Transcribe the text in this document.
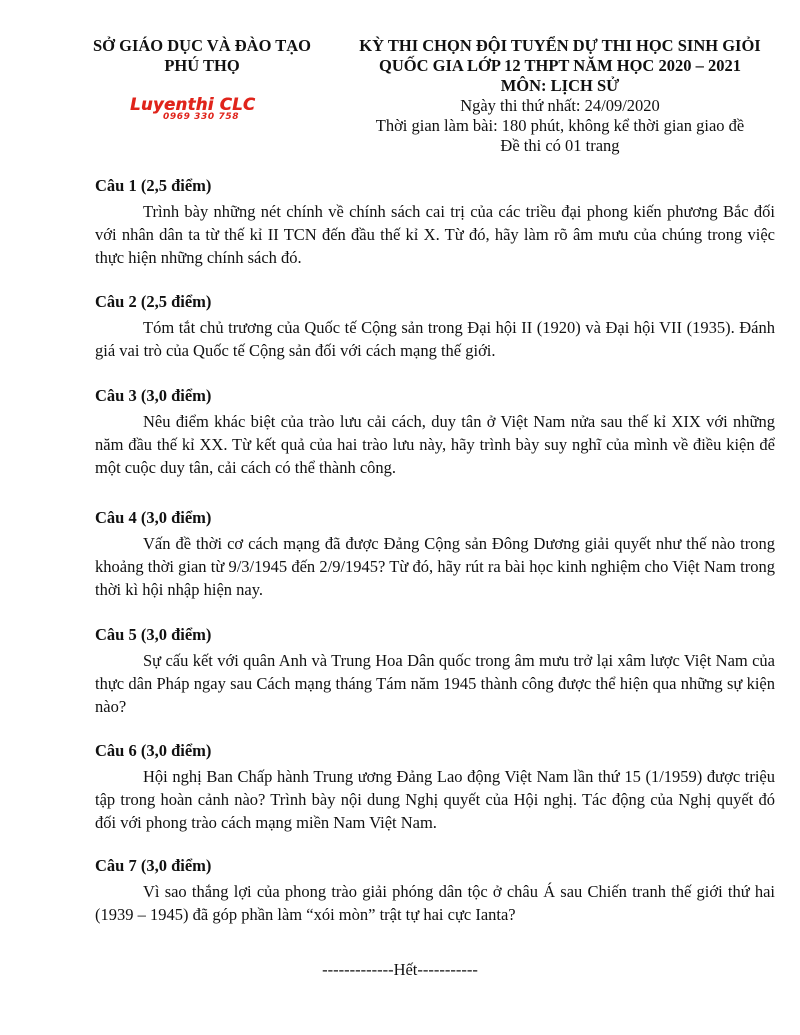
SỞ GIÁO DỤC VÀ ĐÀO TẠO
PHÚ THỌ
Luyenthi CLC
0969 330 758
KỲ THI CHỌN ĐỘI TUYỂN DỰ THI HỌC SINH GIỎI
QUỐC GIA LỚP 12 THPT NĂM HỌC 2020 – 2021
MÔN: LỊCH SỬ
Ngày thi thứ nhất: 24/09/2020
Thời gian làm bài: 180 phút, không kể thời gian giao đề
Đề thi có 01 trang
Câu 1 (2,5 điểm)
Trình bày những nét chính về chính sách cai trị của các triều đại phong kiến phương Bắc đối với nhân dân ta từ thế kỉ II TCN đến đầu thế kỉ X. Từ đó, hãy làm rõ âm mưu của chúng trong việc thực hiện những chính sách đó.
Câu 2 (2,5 điểm)
Tóm tắt chủ trương của Quốc tế Cộng sản trong Đại hội II (1920) và Đại hội VII (1935). Đánh giá vai trò của Quốc tế Cộng sản đối với cách mạng thế giới.
Câu 3 (3,0 điểm)
Nêu điểm khác biệt của trào lưu cải cách, duy tân ở Việt Nam nửa sau thế kỉ XIX với những năm đầu thế kỉ XX. Từ kết quả của hai trào lưu này, hãy trình bày suy nghĩ của mình về điều kiện để một cuộc duy tân, cải cách có thể thành công.
Câu 4 (3,0 điểm)
Vấn đề thời cơ cách mạng đã được Đảng Cộng sản Đông Dương giải quyết như thế nào trong khoảng thời gian từ 9/3/1945 đến 2/9/1945? Từ đó, hãy rút ra bài học kinh nghiệm cho Việt Nam trong thời kì hội nhập hiện nay.
Câu 5 (3,0 điểm)
Sự cấu kết với quân Anh và Trung Hoa Dân quốc trong âm mưu trở lại xâm lược Việt Nam của thực dân Pháp ngay sau Cách mạng tháng Tám năm 1945 thành công được thể hiện qua những sự kiện nào?
Câu 6 (3,0 điểm)
Hội nghị Ban Chấp hành Trung ương Đảng Lao động Việt Nam lần thứ 15 (1/1959) được triệu tập trong hoàn cảnh nào? Trình bày nội dung Nghị quyết của Hội nghị. Tác động của Nghị quyết đó đối với phong trào cách mạng miền Nam Việt Nam.
Câu 7 (3,0 điểm)
Vì sao thắng lợi của phong trào giải phóng dân tộc ở châu Á sau Chiến tranh thế giới thứ hai (1939 – 1945) đã góp phần làm “xói mòn” trật tự hai cực Ianta?
-------------Hết-----------
